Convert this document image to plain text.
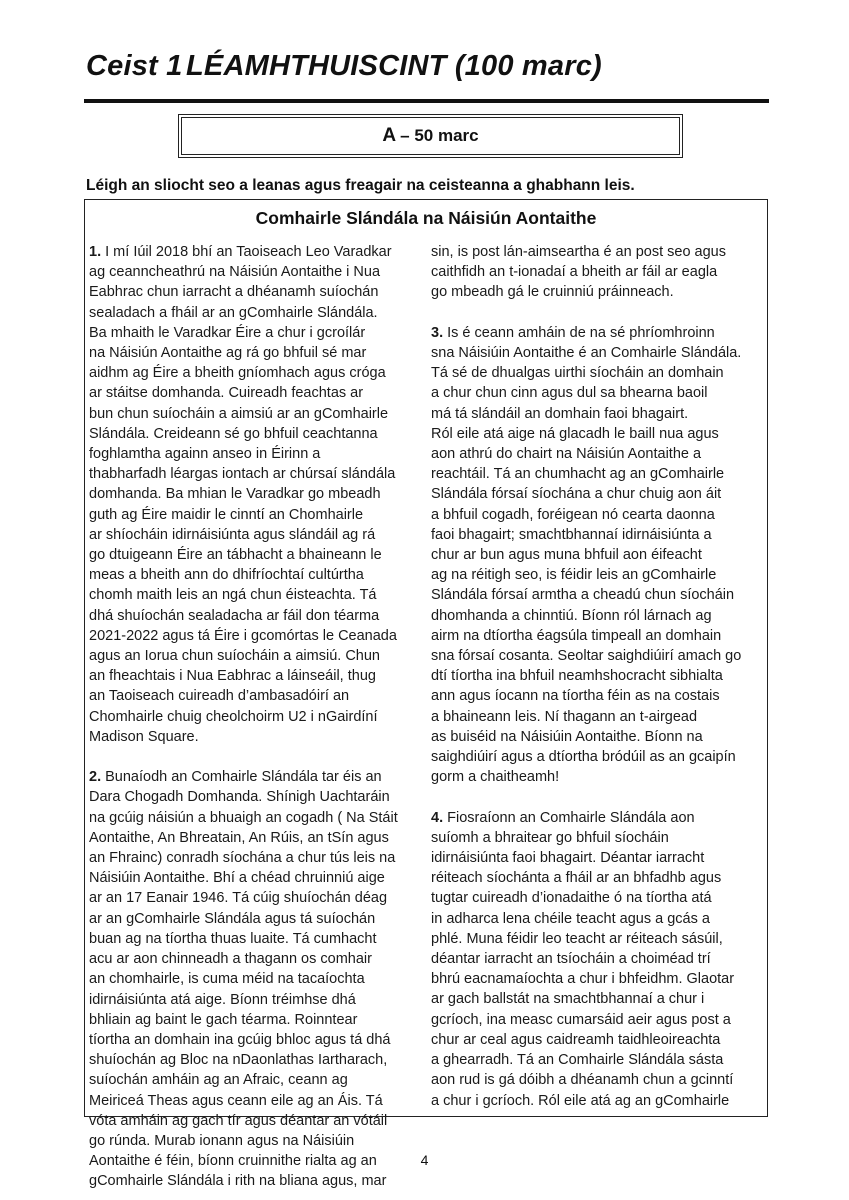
Ceist 1 LÉAMHTHUISCINT (100 marc)
A – 50 marc

Léigh an sliocht seo a leanas agus freagair na ceisteanna a ghabhann leis.

Comhairle Slándála na Náisiún Aontaithe

1. I mí Iúil 2018 bhí an Taoiseach Leo Varadkar
ag ceanncheathrú na Náisiún Aontaithe i Nua
Eabhrac chun iarracht a dhéanamh suíochán
sealadach a fháil ar an gComhairle Slándála.
Ba mhaith le Varadkar Éire a chur i gcroílár
na Náisiún Aontaithe ag rá go bhfuil sé mar
aidhm ag Éire a bheith gníomhach agus cróga
ar stáitse domhanda. Cuireadh feachtas ar
bun chun suíocháin a aimsiú ar an gComhairle
Slándála. Creideann sé go bhfuil ceachtanna
foghlamtha againn anseo in Éirinn a
thabharfadh léargas iontach ar chúrsaí slándála
domhanda. Ba mhian le Varadkar go mbeadh
guth ag Éire maidir le cinntí an Chomhairle
ar shíocháin idirnáisiúnta agus slándáil ag rá
go dtuigeann Éire an tábhacht a bhaineann le
meas a bheith ann do dhifríochtaí cultúrtha
chomh maith leis an ngá chun éisteachta. Tá
dhá shuíochán sealadacha ar fáil don téarma
2021-2022 agus tá Éire i gcomórtas le Ceanada
agus an Iorua chun suíocháin a aimsiú. Chun
an fheachtais i Nua Eabhrac a láinseáil, thug
an Taoiseach cuireadh d’ambasadóirí an
Chomhairle chuig cheolchoirm U2 i nGairdíní
Madison Square.

2. Bunaíodh an Comhairle Slándála tar éis an
Dara Chogadh Domhanda. Shínigh Uachtaráin
na gcúig náisiún a bhuaigh an cogadh ( Na Stáit
Aontaithe, An Bhreatain, An Rúis, an tSín agus
an Fhrainc) conradh síochána a chur tús leis na
Náisiúin Aontaithe. Bhí a chéad chruinniú aige
ar an 17 Eanair 1946. Tá cúig shuíochán déag
ar an gComhairle Slándála agus tá suíochán
buan ag na tíortha thuas luaite. Tá cumhacht
acu ar aon chinneadh a thagann os comhair
an chomhairle, is cuma méid na tacaíochta
idirnáisiúnta atá aige. Bíonn tréimhse dhá
bhliain ag baint le gach téarma. Roinntear
tíortha an domhain ina gcúig bhloc agus tá dhá
shuíochán ag Bloc na nDaonlathas Iartharach,
suíochán amháin ag an Afraic, ceann ag
Meiriceá Theas agus ceann eile ag an Áis. Tá
vóta amháin ag gach tír agus déantar an vótáil
go rúnda. Murab ionann agus na Náisiúin
Aontaithe é féin, bíonn cruinnithe rialta ag an
gComhairle Slándála i rith na bliana agus, mar

sin, is post lán-aimseartha é an post seo agus
caithfidh an t-ionadaí a bheith ar fáil ar eagla
go mbeadh gá le cruinniú práinneach.

3. Is é ceann amháin de na sé phríomhroinn
sna Náisiúin Aontaithe é an Comhairle Slándála.
Tá sé de dhualgas uirthi síocháin an domhain
a chur chun cinn agus dul sa bhearna baoil
má tá slándáil an domhain faoi bhagairt.
Ról eile atá aige ná glacadh le baill nua agus
aon athrú do chairt na Náisiún Aontaithe a
reachtáil. Tá an chumhacht ag an gComhairle
Slándála fórsaí síochána a chur chuig aon áit
a bhfuil cogadh, foréigean nó cearta daonna
faoi bhagairt; smachtbhannaí idirnáisiúnta a
chur ar bun agus muna bhfuil aon éifeacht
ag na réitigh seo, is féidir leis an gComhairle
Slándála fórsaí armtha a cheadú chun síocháin
dhomhanda a chinntiú. Bíonn ról lárnach ag
airm na dtíortha éagsúla timpeall an domhain
sna fórsaí cosanta. Seoltar saighdiúirí amach go
dtí tíortha ina bhfuil neamhshocracht sibhialta
ann agus íocann na tíortha féin as na costais
a bhaineann leis. Ní thagann an t-airgead
as buiséid na Náisiúin Aontaithe. Bíonn na
saighdiúirí agus a dtíortha bródúil as an gcaipín
gorm a chaitheamh!

4. Fiosraíonn an Comhairle Slándála aon
suíomh a bhraitear go bhfuil síocháin
idirnáisiúnta faoi bhagairt. Déantar iarracht
réiteach síochánta a fháil ar an bhfadhb agus
tugtar cuireadh d’ionadaithe ó na tíortha atá
in adharca lena chéile teacht agus a gcás a
phlé. Muna féidir leo teacht ar réiteach sásúil,
déantar iarracht an tsíocháin a choiméad trí
bhrú eacnamaíochta a chur i bhfeidhm. Glaotar
ar gach ballstát na smachtbhannaí a chur i
gcríoch, ina measc cumarsáid aeir agus post a
chur ar ceal agus caidreamh taidhleoireachta
a ghearradh. Tá an Comhairle Slándála sásta
aon rud is gá dóibh a dhéanamh chun a gcinntí
a chur i gcríoch. Ról eile atá ag an gComhairle

4
